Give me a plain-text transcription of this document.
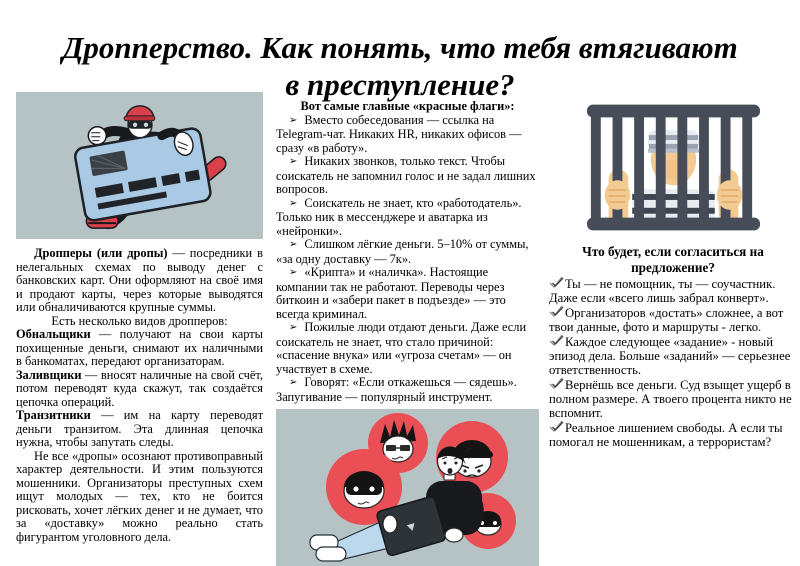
Дропперство. Как понять, что тебя втягивают
в преступление?

Дропперы (или дропы) — посредники в нелегальных схемах по выводу денег с банковских карт. Они оформляют на своё имя и продают карты, через которые выводятся или обналичиваются крупные суммы.

Есть несколько видов дропперов:

Обнальщики — получают на свои карты похищенные деньги, снимают их наличными в банкоматах, передают организаторам.

Заливщики — вносят наличные на свой счёт, потом переводят куда скажут, так создаётся цепочка операций.

Транзитники — им на карту переводят деньги транзитом. Эта длинная цепочка нужна, чтобы запутать следы.

Не все «дропы» осознают противоправный характер деятельности. И этим пользуются мошенники. Организаторы преступных схем ищут молодых — тех, кто не боится рисковать, хочет лёгких денег и не думает, что за «доставку» можно реально стать фигурантом уголовного дела.

Вот самые главные «красные флаги»:

➢ Вместо собеседования — ссылка на Telegram-чат. Никаких HR, никаких офисов — сразу «в работу».

➢ Никаких звонков, только текст. Чтобы соискатель не запомнил голос и не задал лишних вопросов.

➢ Соискатель не знает, кто «работодатель». Только ник в мессенджере и аватарка из «нейронки».

➢ Слишком лёгкие деньги. 5–10% от суммы, «за одну доставку — 7к».

➢ «Крипта» и «наличка». Настоящие компании так не работают. Переводы через биткоин и «забери пакет в подъезде» — это всегда криминал.

➢ Пожилые люди отдают деньги. Даже если соискатель не знает, что стало причиной: «спасение внука» или «угроза счетам» — он участвует в схеме.

➢ Говорят: «Если откажешься — сядешь». Запугивание — популярный инструмент.

Что будет, если согласиться на предложение?

Ты — не помощник, ты — соучастник. Даже если «всего лишь забрал конверт».

Организаторов «достать» сложнее, а вот твои данные, фото и маршруты - легко.

Каждое следующее «задание» - новый эпизод дела. Больше «заданий» — серьезнее ответственность.

Вернёшь все деньги. Суд взыщет ущерб в полном размере. А твоего процента никто не вспомнит.

Реальное лишением свободы. А если ты помогал не мошенникам, а террористам?
